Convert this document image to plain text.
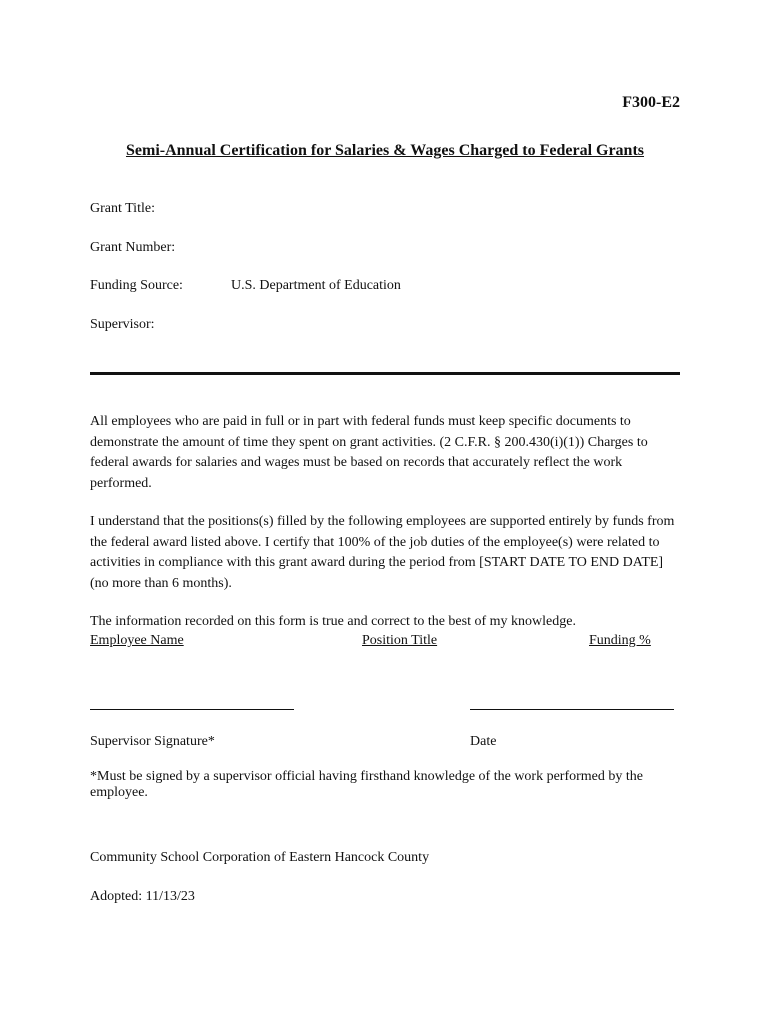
F300-E2
Semi-Annual Certification for Salaries & Wages Charged to Federal Grants
Grant Title:
Grant Number:
Funding Source:	U.S. Department of Education
Supervisor:
All employees who are paid in full or in part with federal funds must keep specific documents to demonstrate the amount of time they spent on grant activities. (2 C.F.R. § 200.430(i)(1)) Charges to federal awards for salaries and wages must be based on records that accurately reflect the work performed.
I understand that the positions(s) filled by the following employees are supported entirely by funds from the federal award listed above. I certify that 100% of the job duties of the employee(s) were related to activities in compliance with this grant award during the period from [START DATE TO END DATE] (no more than 6 months).
The information recorded on this form is true and correct to the best of my knowledge.
Employee Name	Position Title	Funding %
Supervisor Signature*	Date
*Must be signed by a supervisor official having firsthand knowledge of the work performed by the employee.
Community School Corporation of Eastern Hancock County
Adopted: 11/13/23
